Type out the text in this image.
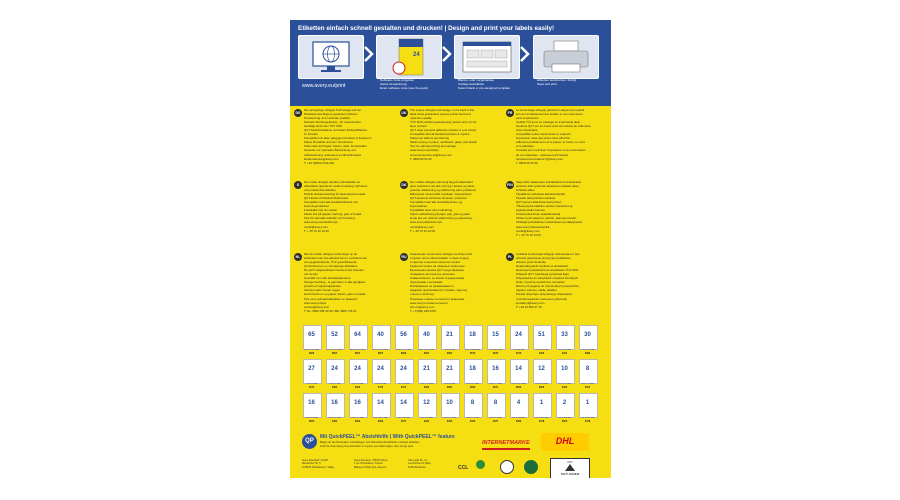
Etiketten einfach schnell gestalten und drucken! | Design and print your labels easily!
www.avery.eu/print
24
Software-Code eingeben
(siehe Verpackung)
Enter software code (see the pack)
Blanko- oder vorgestaltete
Vorlage auswählen
Select blank or pre-designed template
Etiketten ausdrucken. Fertig!
Save and print
DE
Die einzigartige ultragrip Technologie auf der
Rückseite des Bogens garantiert präzisen
Druckeinzug und maximale Qualität
Perfekte Druckergebnisse - für Laserdrucker
bestätigt durch den TÜV SÜD
QCT-Sicherheitskante verhindert Klebstoffflächen
im Drucker
Kompatibel mit allen gängigen Druckern & Kopierern
Klares Druckbild und kein Verrutschen
Klebt stark auf Papier, Karton, Glas, Kunststoffen
Hinweise zur optimalen Bedruckung und
Aufbewahrung: www.avery.eu/druckhinweise
kundenservice@avery.com
T: +49 (0)8104 643-343
UK
The unique ultragrip technology on the back of the
label sheet guarantees precise printer feed and
maximum quality
TÜV SÜD certified guaranteeing perfect print run for
laser printers
QCT edge prevents adhesive residue in your printer
Compatible with all standard printers & copiers
Sharp text without any blurring
Sticks strong on paper, cardboard, glass, and plastic
Tips for optimal printing and storage:
www.avery.eu/printtips
consumerservice-uk@avery.com
T: 0800 80 50 20
FR
La technologie ultragrip garantit un alignement parfait
lors de l'entraînement des feuilles et une impression
sans imperfection
Certifié TÜV pour un passage en imprimante laser
Système QCT sur les bords évite les résidus de colle dans
votre imprimante
Compatible toutes imprimantes et copieurs
Impression nette des textes sans effet flou
Adhèrent parfaitement sur le papier, le carton, le verre
et le plastique
Conseils pour optimiser l'impression et la conservation
de vos étiquettes : www.avery.fr/conseils
serviceconsommateur-fr@avery.com
T: 0800 36 54 99
S
Den unika ultragrip tekniken på baksidan av
etikettarket garanterar exakt inmatning i skrivaren
och problemfria utskrifter
Perfekt skrivarutmatning för laserskrivare testad
QCT-kanten förhindrar klisterrester
Kompatibel med alla standardskrivare och
kopieringsmaskiner
Framkallar inte rinn-rester
Fäster bra på papper, kartong, glas och plast
Tips för optimala utskrifter och förvaring:
www.avery.se/utskrifts-tips
nordic@avery.com
T: + 45 70 10 10 00
DK
Den unikke ultragrip teknologi bag på etikettarket
giver præcision ved alle print typ | arkene og sikrer
præcise udskrivning og udskrivning uden problemer
Efterprøvet med perfekt resultater i laserprintere
QCT-kanterne forhindrer limrester i printeren
Kompatibel med alle standardprintere og
kopimaskiner
Krystalklart tekst uden udtværing
Stærk vedhæftning på papir, pap, glas og plast
Gode tips om optimal udskrivning og opbevaring:
www.avery.dk/printer-tips
nordic@avery.com
T: + 45 70 10 10 00
FIN
Sarja arkin takapuolen ainutlaatuinen kuvioitaustan
ansiosta arkit syöttyvät tulostimeen tarkasti oikea
kohdista etiket
Täydellinen tulostusta laserkulostimille
Testattu laserprintterin tulokset
QCT-reuna estää liiman kertymisen
Yhteensopiva kaikkien yleisten tulostinten ja
kopiokoneiden kanssa
Terävä teksti ilman epätarkkuuksia
Tarttuu hyvin paperiin, pahviin, lasiin ja muoviin
Vinkkejä optimaaliseen tulostukseen ja säilytykseen:
www.avery.fi/tulostusvinkit
nordic@avery.com
T: + 45 70 10 10 00
NL
Met de unieke ultragrip technologie op de
achterkant van het etiketvel bent u verzekerd van
een gegarandeerde, TÜV gecertificeerde,
printerdoorvoer en storingsvrije afdrukken
De QCT-veiligheidsrand voorkomt het 'bloeden'
van de lijm
Geschikt voor alle standaardprinters
Stevige hechting - te gebruiken in alle gangbare
printers en kopieerapparaten
Scherpe tekst zonder vegen
Hecht hecht en op papier, karton, glas en plastic
Tips voor optimaal afdrukken en bewaren:
www.avery.nl/tips
service@avery.com
T: NL: 0800 098 33 90 / BE: 0800 725 01
RU
Уникальная технология ultragrip на оборотной
стороне листа обеспечивает точную подачу
в принтер и высокое качество печати
Гарантия печати на лазерных принтерах
Безопасная кромка QCT предотвращает
попадание клея внутрь принтера
Совместимость со всеми стандартными
принтерами и копирами
Изображение не размазывается
Надежно приклеивается к бумаге, картону,
стеклу и пластику
Полезные советы по печати и хранению:
www.avery.ru/советы-печати
info-ru@avery.com
T: +7(495) 228 3476
PL
Unikalna technologia ultragrip zastosowana z tyłu
arkusza gwarantuje precyzyjne podawanie
arkuszy przez drukarkę
Doskonała jakość wydruku w drukarkach
laserowych potwierdzona certyfikatem TÜV SÜD
Krawędź QCT zapobiega wyciekowi kleju
Odpowiednie do wszystkich urządzeń biurowych
Ostry i wyraźny wydruk bez rozmazań
Mocne przyleganie do różnorodnych powierzchni,
papieru, kartonu, szkła, plastiku
Porady dotyczące optymalnego drukowania
i przechowywania: www.avery.pl/porady
kontakt-pl@avery.com
T: +48 22 890 37 70
65
38,1 x 21,2 mm
3666
52
48,5 x 21,2 mm
3657
64
48,5 x 16,9 mm
3667
40
52,5 x 29,7 mm
3657
56
52,5 x 21,2 mm
3668
40
48,5 x 25,4 mm
3651
21
70 x 41 mm
3652
18
63,5 x 46,6 mm
3670
15
70 x 50,8 mm
3672
24
70 x 36 mm
3475
51
70 x 16,9 mm
3420
33
70 x 25,4 mm
3421
30
70 x 29,7 mm
3489
27
70 x 32 mm
3470
24
70 x 37 mm
3484
24
70 x 35 mm
3422
24
70 x 36 mm
3475
24
70 x 37 mm
3474
21
70 x 42,3 mm
3481
21
70 x 41 mm
3652
18
105 x 35 mm
3669
16
105 x 37 mm
3671
14
105 x 42,3 mm
3653
12
105 x 48 mm
3658
10
105 x 57 mm
3425
8
105 x 74 mm
3427
16
105 x 35 mm
3665
16
105 x 37 mm
3484
16
105 x 37 mm
3484
14
105 x 42,3 mm
3653
14
105 x 41 mm
3477
12
105 x 48 mm
3424
10
105 x 57 mm
3425
8
105 x 71 mm
3426
8
105 x 74 mm
3427
4
105 x 148 mm
3483
1
210 x 297 mm
3478
2
210 x 148 mm
3655
1
210 x 297 mm
3478
QP
Mit QuickPEEL™ Abziehhilfe | With QuickPEEL™ feature
Bogen an der Perforation zurückbiegen und überstehende Etiketten mühelos abziehen.
Fold the sheet along the perforation to expose your label edges, then simply peel.
INTERNETMARKE	DHL
Avery Zweckform GmbH
Miesbacher Str. 5
D-83626 Oberlaindern / Valley
Avery Dennison, 78903 Prisnan
1 rue l'Ormaddore, Prisnan
Bâtiment Infinity-Sud, Faveron
CCL Label SL, c/o
Les Roches 16, Balie,
61100 Bretteville	CCL
MIX
FSC® C012849
